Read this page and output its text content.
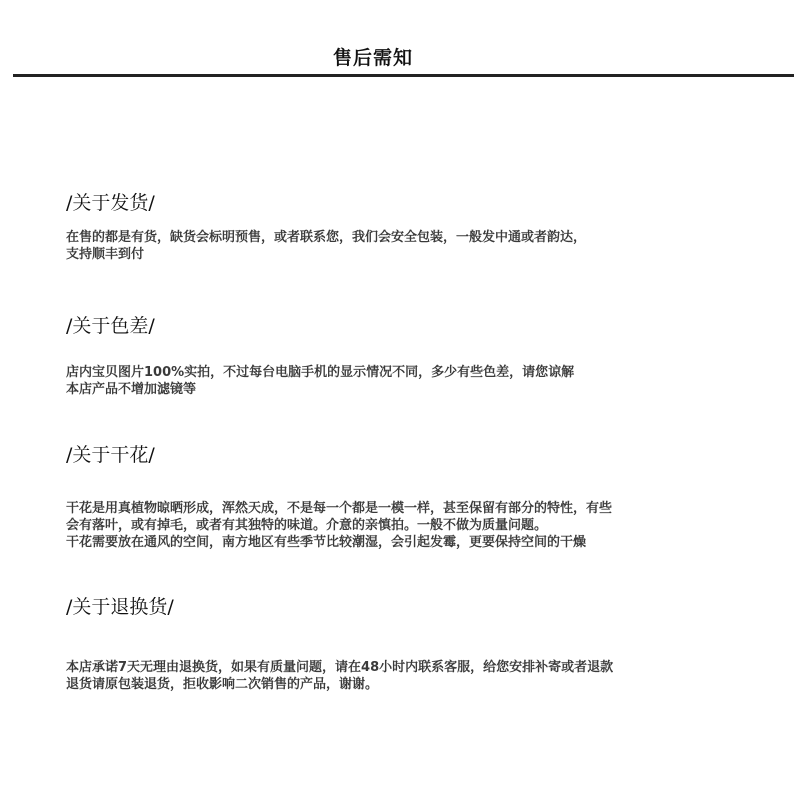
售后需知
/关于发货/

在售的都是有货，缺货会标明预售，或者联系您，我们会安全包装，一般发中通或者韵达，
支持顺丰到付

/关于色差/

店内宝贝图片100%实拍，不过每台电脑手机的显示情况不同，多少有些色差，请您谅解
本店产品不增加滤镜等

/关于干花/

干花是用真植物晾晒形成，浑然天成，不是每一个都是一模一样，甚至保留有部分的特性，有些
会有落叶，或有掉毛，或者有其独特的味道。介意的亲慎拍。一般不做为质量问题。
干花需要放在通风的空间，南方地区有些季节比较潮湿，会引起发霉，更要保持空间的干燥

/关于退换货/

本店承诺7天无理由退换货，如果有质量问题，请在48小时内联系客服，给您安排补寄或者退款
退货请原包装退货，拒收影响二次销售的产品，谢谢。
